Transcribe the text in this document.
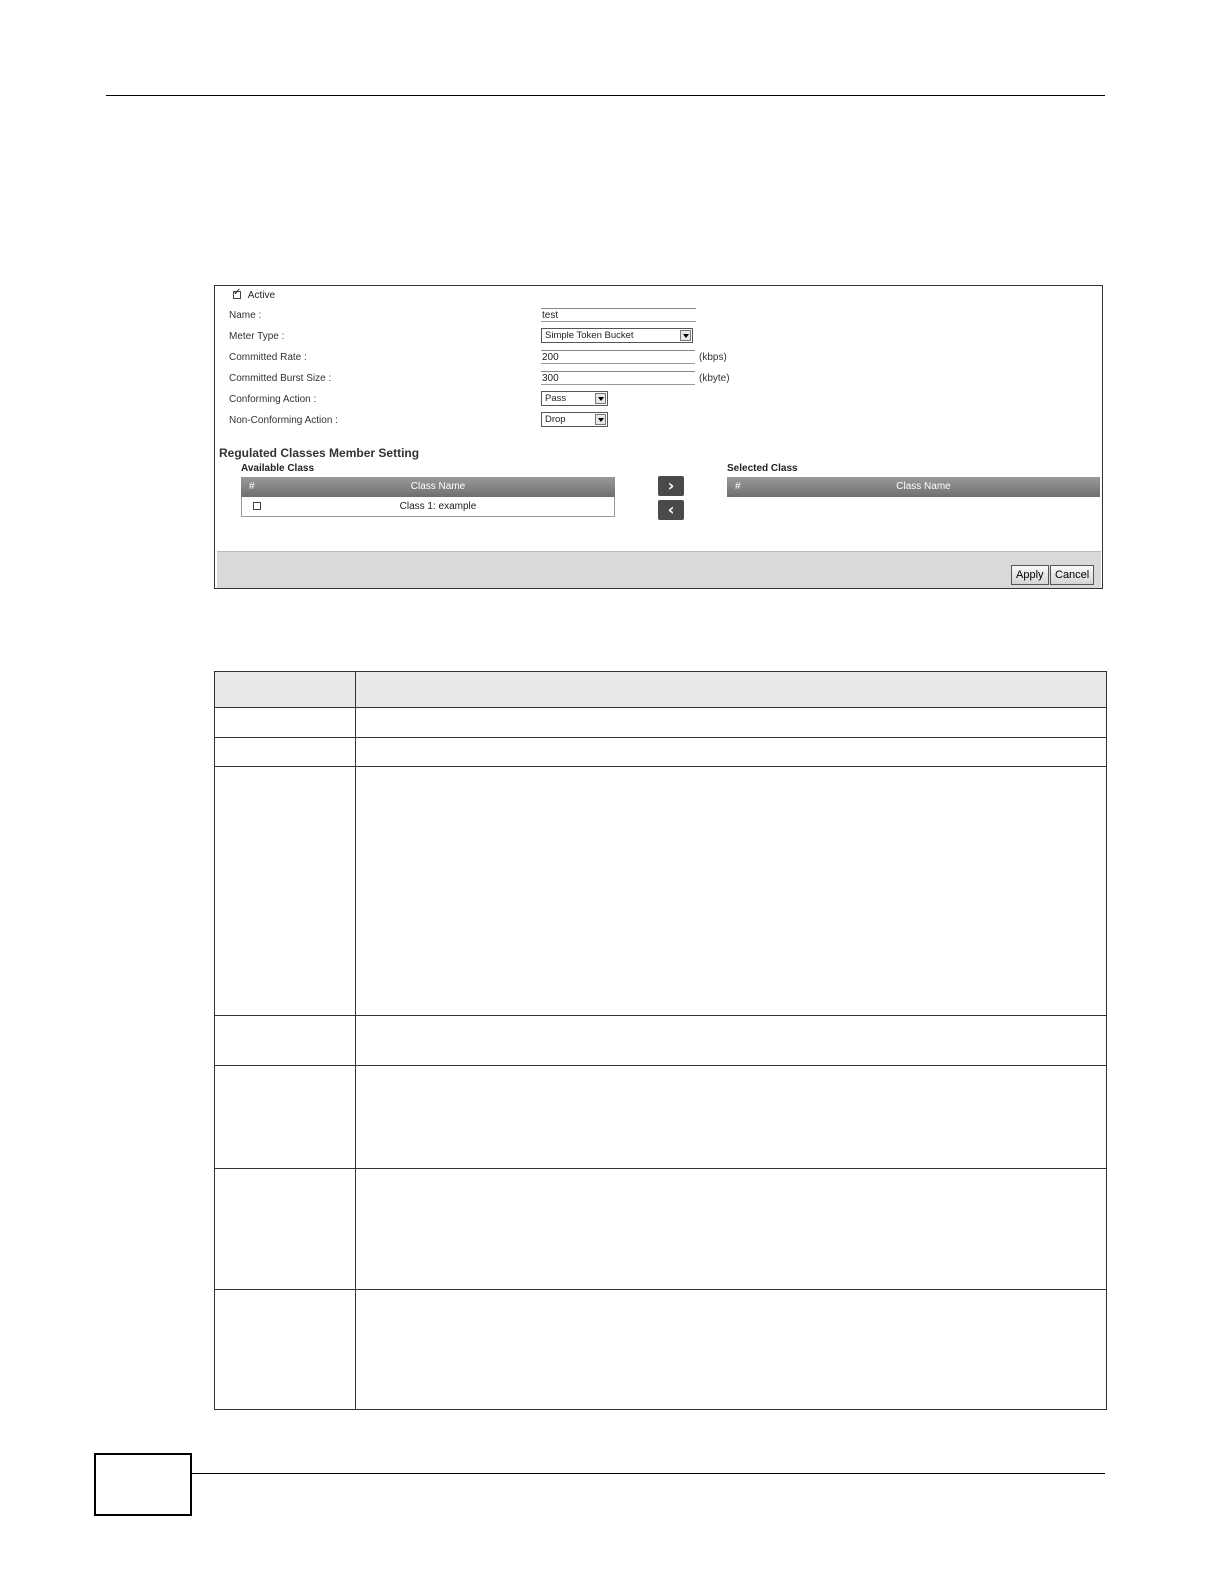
✓ Active
Name :	test
Meter Type :	Simple Token Bucket
Committed Rate :	200	(kbps)
Committed Burst Size :	300	(kbyte)
Conforming Action :	Pass
Non-Conforming Action :	Drop
Regulated Classes Member Setting
Available Class
#	Class Name
Class 1: example
›
‹
Selected Class
#	Class Name
Apply	Cancel
